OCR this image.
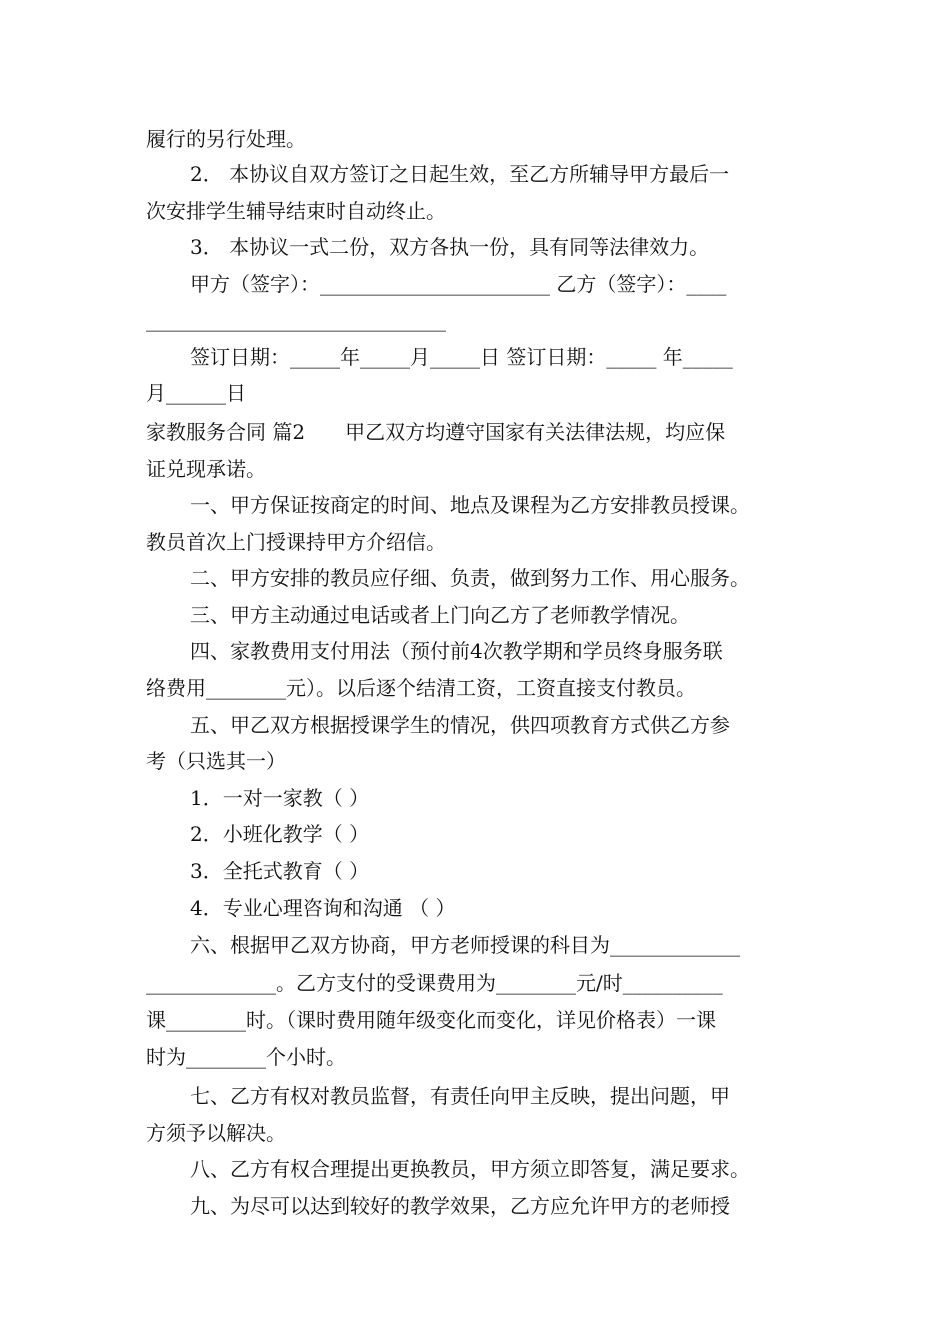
履行的另行处理。
2． 本协议自双方签订之日起生效，至乙方所辅导甲方最后一
次安排学生辅导结束时自动终止。
3． 本协议一式二份，双方各执一份，具有同等法律效力。
甲方（签字）：_______________________ 乙方（签字）：____
______________________________
签订日期：_____年_____月_____日 签订日期：_____ 年_____
月______日
家教服务合同 篇2　　甲乙双方均遵守国家有关法律法规，均应保
证兑现承诺。
一、甲方保证按商定的时间、地点及课程为乙方安排教员授课。
教员首次上门授课持甲方介绍信。
二、甲方安排的教员应仔细、负责，做到努力工作、用心服务。
三、甲方主动通过电话或者上门向乙方了老师教学情况。
四、家教费用支付用法（预付前4次教学期和学员终身服务联
络费用________元）。以后逐个结清工资，工资直接支付教员。
五、甲乙双方根据授课学生的情况，供四项教育方式供乙方参
考（只选其一）
1．一对一家教（ ）
2．小班化教学（ ）
3．全托式教育（ ）
4．专业心理咨询和沟通 （ ）
六、根据甲乙双方协商，甲方老师授课的科目为_____________
_____________。乙方支付的受课费用为________元/时__________
课________时。（课时费用随年级变化而变化，详见价格表）一课
时为________个小时。
七、乙方有权对教员监督，有责任向甲主反映，提出问题，甲
方须予以解决。
八、乙方有权合理提出更换教员，甲方须立即答复，满足要求。
九、为尽可以达到较好的教学效果，乙方应允许甲方的老师授
